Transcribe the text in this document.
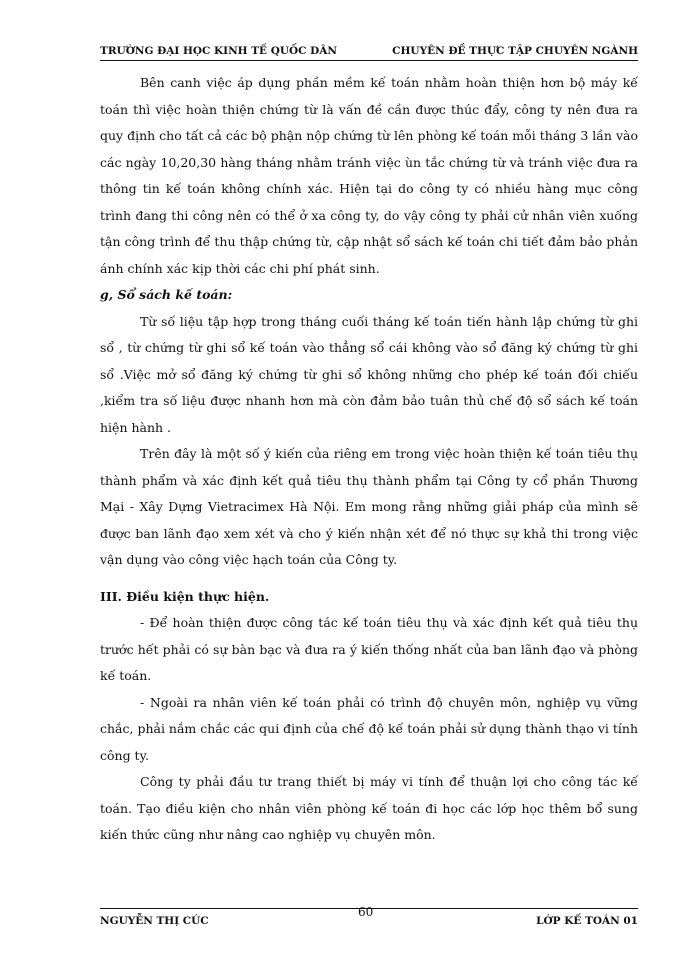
TRƯỜNG ĐẠI HỌC KINH TẾ QUỐC DÂN	CHUYÊN ĐỀ THỰC TẬP CHUYÊN NGÀNH

Bên canh việc áp dụng phần mềm kế toán nhằm hoàn thiện hơn bộ máy kế toán thì việc hoàn thiện chứng từ là vấn đề cần được thúc đẩy, công ty nên đưa ra quy định cho tất cả các bộ phận nộp chứng từ lên phòng kế toán mỗi tháng 3 lần vào các ngày 10,20,30 hàng tháng nhằm tránh việc ùn tắc chứng từ và tránh việc đưa ra thông tin kế toán không chính xác. Hiện tại do công ty có nhiều hàng mục công trình đang thi công nên có thể ở xa công ty, do vậy công ty phải cử nhân viên xuống tận công trình để thu thập chứng từ, cập nhật sổ sách kế toán chi tiết đảm bảo phản ánh chính xác kịp thời các chi phí phát sinh.

g, Sổ sách kế toán:

Từ số liệu tập hợp trong tháng cuối tháng kế toán tiến hành lập chứng từ ghi sổ , từ chứng từ ghi sổ kế toán vào thẳng sổ cái không vào sổ đăng ký chứng từ ghi sổ .Việc mở sổ đăng ký chứng từ ghi sổ không những cho phép kế toán đối chiếu ,kiểm tra số liệu được nhanh hơn mà còn đảm bảo tuân thủ chế độ sổ sách kế toán hiện hành .

Trên đây là một số ý kiến của riêng em trong việc hoàn thiện kế toán tiêu thụ thành phẩm và xác định kết quả tiêu thụ thành phẩm tại Công ty cổ phần Thương Mại - Xây Dựng Vietracimex Hà Nội. Em mong rằng những giải pháp của mình sẽ được ban lãnh đạo xem xét và cho ý kiến nhận xét để nó thực sự khả thi trong việc vận dụng vào công việc hạch toán của Công ty.

III. Điều kiện thực hiện.

- Để hoàn thiện được công tác kế toán tiêu thụ và xác định kết quả tiêu thụ trước hết phải có sự bàn bạc và đưa ra ý kiến thống nhất của ban lãnh đạo và phòng kế toán.

- Ngoài ra nhân viên kế toán phải có trình độ chuyên môn, nghiệp vụ vững chắc, phải nắm chắc các qui định của chế độ kế toán phải sử dụng thành thạo vi tính công ty.

Công ty phải đầu tư trang thiết bị máy vi tính để thuận lợi cho công tác kế toán. Tạo điều kiện cho nhân viên phòng kế toán đi học các lớp học thêm bổ sung kiến thức cũng như nâng cao nghiệp vụ chuyên môn.

NGUYỄN THỊ CÚC
60
LỚP KẾ TOÁN 01
